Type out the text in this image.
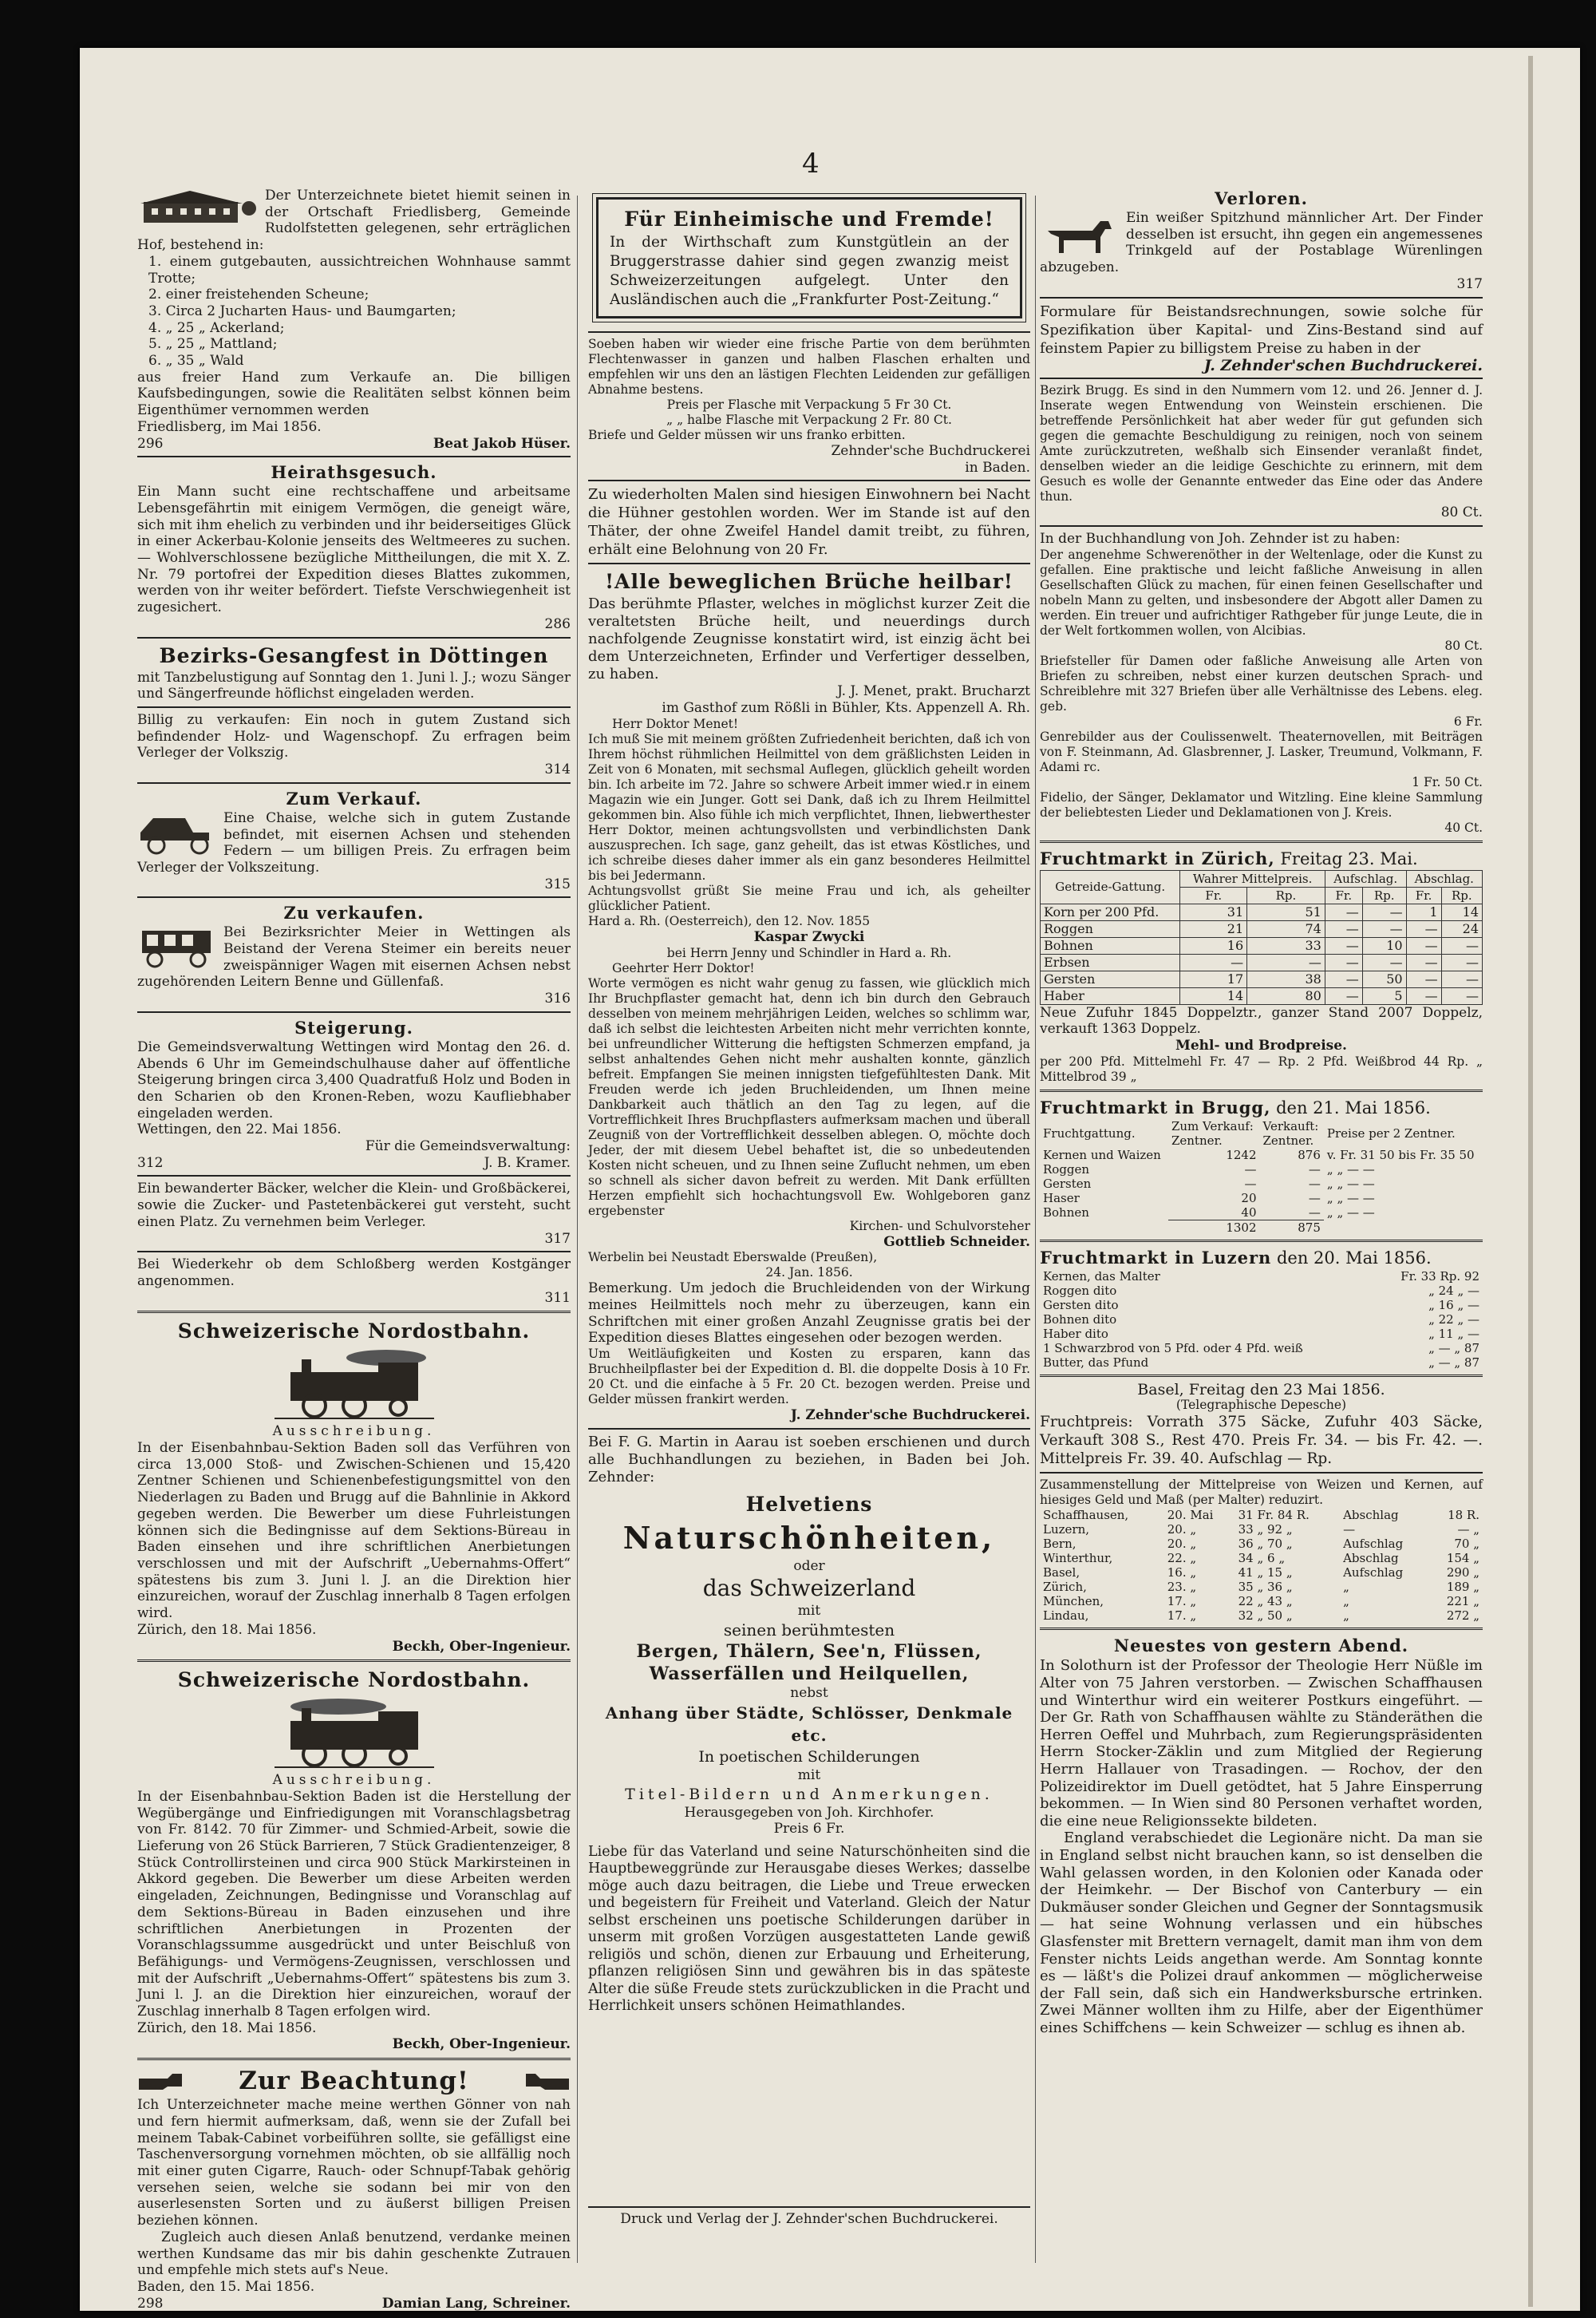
4

Der Unterzeichnete bietet hiemit seinen in der Ortschaft Friedlisberg, Gemeinde Rudolfstetten gelegenen, sehr erträglichen Hof, bestehend in:

1. einem gutgebauten, aussichtreichen Wohnhause sammt Trotte;
2. einer freistehenden Scheune;
3. Circa 2 Jucharten Haus- und Baumgarten;
4. „ 25 „ Ackerland;
5. „ 25 „ Mattland;
6. „ 35 „ Wald

aus freier Hand zum Verkaufe an. Die billigen Kaufsbedingungen, sowie die Realitäten selbst können beim Eigenthümer vernommen werden

Friedlisberg, im Mai 1856.

296	Beat Jakob Hüser.
Heirathsgesuch.

Ein Mann sucht eine rechtschaffene und arbeitsame Lebensgefährtin mit einigem Vermögen, die geneigt wäre, sich mit ihm ehelich zu verbinden und ihr beiderseitiges Glück in einer Ackerbau-Kolonie jenseits des Weltmeeres zu suchen. — Wohlverschlossene bezügliche Mittheilungen, die mit X. Z. Nr. 79 portofrei der Expedition dieses Blattes zukommen, werden von ihr weiter befördert. Tiefste Verschwiegenheit ist zugesichert.

286
Bezirks-Gesangfest in Döttingen

mit Tanzbelustigung auf Sonntag den 1. Juni l. J.; wozu Sänger und Sängerfreunde höflichst eingeladen werden.

Billig zu verkaufen: Ein noch in gutem Zustand sich befindender Holz- und Wagenschopf. Zu erfragen beim Verleger der Volkszig.

314
Zum Verkauf.

Eine Chaise, welche sich in gutem Zustande befindet, mit eisernen Achsen und stehenden Federn — um billigen Preis. Zu erfragen beim Verleger der Volkszeitung.

315
Zu verkaufen.

Bei Bezirksrichter Meier in Wettingen als Beistand der Verena Steimer ein bereits neuer zweispänniger Wagen mit eisernen Achsen nebst zugehörenden Leitern Benne und Güllenfaß.

316
Steigerung.

Die Gemeindsverwaltung Wettingen wird Montag den 26. d. Abends 6 Uhr im Gemeindschulhause daher auf öffentliche Steigerung bringen circa 3,400 Quadratfuß Holz und Boden in den Scharien ob den Kronen-Reben, wozu Kaufliebhaber eingeladen werden.

Wettingen, den 22. Mai 1856.

Für die Gemeindsverwaltung:
312	J. B. Kramer.

Ein bewanderter Bäcker, welcher die Klein- und Großbäckerei, sowie die Zucker- und Pastetenbäckerei gut versteht, sucht einen Platz. Zu vernehmen beim Verleger.

317

Bei Wiederkehr ob dem Schloßberg werden Kostgänger angenommen.

311
Schweizerische Nordostbahn.
Ausschreibung.

In der Eisenbahnbau-Sektion Baden soll das Verführen von circa 13,000 Stoß- und Zwischen-Schienen und 15,420 Zentner Schienen und Schienenbefestigungsmittel von den Niederlagen zu Baden und Brugg auf die Bahnlinie in Akkord gegeben werden. Die Bewerber um diese Fuhrleistungen können sich die Bedingnisse auf dem Sektions-Büreau in Baden einsehen und ihre schriftlichen Anerbietungen verschlossen und mit der Aufschrift „Uebernahms-Offert“ spätestens bis zum 3. Juni l. J. an die Direktion hier einzureichen, worauf der Zuschlag innerhalb 8 Tagen erfolgen wird.

Zürich, den 18. Mai 1856.

Beckh, Ober-Ingenieur.
Schweizerische Nordostbahn.
Ausschreibung.

In der Eisenbahnbau-Sektion Baden ist die Herstellung der Wegübergänge und Einfriedigungen mit Voranschlagsbetrag von Fr. 8142. 70 für Zimmer- und Schmied-Arbeit, sowie die Lieferung von 26 Stück Barrieren, 7 Stück Gradientenzeiger, 8 Stück Controllirsteinen und circa 900 Stück Markirsteinen in Akkord gegeben. Die Bewerber um diese Arbeiten werden eingeladen, Zeichnungen, Bedingnisse und Voranschlag auf dem Sektions-Büreau in Baden einzusehen und ihre schriftlichen Anerbietungen in Prozenten der Voranschlagssumme ausgedrückt und unter Beischluß von Befähigungs- und Vermögens-Zeugnissen, verschlossen und mit der Aufschrift „Uebernahms-Offert“ spätestens bis zum 3. Juni l. J. an die Direktion hier einzureichen, worauf der Zuschlag innerhalb 8 Tagen erfolgen wird.

Zürich, den 18. Mai 1856.

Beckh, Ober-Ingenieur.
Zur Beachtung!

Ich Unterzeichneter mache meine werthen Gönner von nah und fern hiermit aufmerksam, daß, wenn sie der Zufall bei meinem Tabak-Cabinet vorbeiführen sollte, sie gefälligst eine Taschenversorgung vornehmen möchten, ob sie allfällig noch mit einer guten Cigarre, Rauch- oder Schnupf-Tabak gehörig versehen seien, welche sie sodann bei mir von den auserlesensten Sorten und zu äußerst billigen Preisen beziehen können.

Zugleich auch diesen Anlaß benutzend, verdanke meinen werthen Kundsame das mir bis dahin geschenkte Zutrauen und empfehle mich stets auf's Neue.

Baden, den 15. Mai 1856.

298	Damian Lang, Schreiner.
Für Einheimische und Fremde!

In der Wirthschaft zum Kunstgütlein an der Bruggerstrasse dahier sind gegen zwanzig meist Schweizerzeitungen aufgelegt. Unter den Ausländischen auch die „Frankfurter Post-Zeitung.“

Soeben haben wir wieder eine frische Partie von dem berühmten Flechtenwasser in ganzen und halben Flaschen erhalten und empfehlen wir uns den an lästigen Flechten Leidenden zur gefälligen Abnahme bestens.

Preis per Flasche mit Verpackung 5 Fr 30 Ct.

„ „ halbe Flasche mit Verpackung 2 Fr. 80 Ct.

Briefe und Gelder müssen wir uns franko erbitten.

Zehnder'sche Buchdruckerei
in Baden.

Zu wiederholten Malen sind hiesigen Einwohnern bei Nacht die Hühner gestohlen worden. Wer im Stande ist auf den Thäter, der ohne Zweifel Handel damit treibt, zu führen, erhält eine Belohnung von 20 Fr.

!Alle beweglichen Brüche heilbar!

Das berühmte Pflaster, welches in möglichst kurzer Zeit die veraltetsten Brüche heilt, und neuerdings durch nachfolgende Zeugnisse konstatirt wird, ist einzig ächt bei dem Unterzeichneten, Erfinder und Verfertiger desselben, zu haben.

J. J. Menet, prakt. Brucharzt
im Gasthof zum Rößli in Bühler, Kts. Appenzell A. Rh.
Herr Doktor Menet!

Ich muß Sie mit meinem größten Zufriedenheit berichten, daß ich von Ihrem höchst rühmlichen Heilmittel von dem gräßlichsten Leiden in Zeit von 6 Monaten, mit sechsmal Auflegen, glücklich geheilt worden bin. Ich arbeite im 72. Jahre so schwere Arbeit immer wied.r in einem Magazin wie ein Junger. Gott sei Dank, daß ich zu Ihrem Heilmittel gekommen bin. Also fühle ich mich verpflichtet, Ihnen, liebwerthester Herr Doktor, meinen achtungsvollsten und verbindlichsten Dank auszusprechen. Ich sage, ganz geheilt, das ist etwas Köstliches, und ich schreibe dieses daher immer als ein ganz besonderes Heilmittel bis bei Jedermann.

Achtungsvollst grüßt Sie meine Frau und ich, als geheilter glücklicher Patient.

Hard a. Rh. (Oesterreich), den 12. Nov. 1855
Kaspar Zwycki
bei Herrn Jenny und Schindler in Hard a. Rh.
Geehrter Herr Doktor!

Worte vermögen es nicht wahr genug zu fassen, wie glücklich mich Ihr Bruchpflaster gemacht hat, denn ich bin durch den Gebrauch desselben von meinem mehrjährigen Leiden, welches so schlimm war, daß ich selbst die leichtesten Arbeiten nicht mehr verrichten konnte, bei unfreundlicher Witterung die heftigsten Schmerzen empfand, ja selbst anhaltendes Gehen nicht mehr aushalten konnte, gänzlich befreit. Empfangen Sie meinen innigsten tiefgefühltesten Dank. Mit Freuden werde ich jeden Bruchleidenden, um Ihnen meine Dankbarkeit auch thätlich an den Tag zu legen, auf die Vortrefflichkeit Ihres Bruchpflasters aufmerksam machen und überall Zeugniß von der Vortrefflichkeit desselben ablegen. O, möchte doch Jeder, der mit diesem Uebel behaftet ist, die so unbedeutenden Kosten nicht scheuen, und zu Ihnen seine Zuflucht nehmen, um eben so schnell als sicher davon befreit zu werden. Mit Dank erfüllten Herzen empfiehlt sich hochachtungsvoll Ew. Wohlgeboren ganz ergebenster

Kirchen- und Schulvorsteher
Gottlieb Schneider.
Werbelin bei Neustadt Eberswalde (Preußen),
24. Jan. 1856.

Bemerkung. Um jedoch die Bruchleidenden von der Wirkung meines Heilmittels noch mehr zu überzeugen, kann ein Schriftchen mit einer großen Anzahl Zeugnisse gratis bei der Expedition dieses Blattes eingesehen oder bezogen werden.

Um Weitläufigkeiten und Kosten zu ersparen, kann das Bruchheilpflaster bei der Expedition d. Bl. die doppelte Dosis à 10 Fr. 20 Ct. und die einfache à 5 Fr. 20 Ct. bezogen werden. Preise und Gelder müssen frankirt werden.

J. Zehnder'sche Buchdruckerei.

Bei F. G. Martin in Aarau ist soeben erschienen und durch alle Buchhandlungen zu beziehen, in Baden bei Joh. Zehnder:

Helvetiens
Naturschönheiten,
oder
das Schweizerland
mit
seinen berühmtesten
Bergen, Thälern, See'n, Flüssen, Wasserfällen und Heilquellen,
nebst
Anhang über Städte, Schlösser, Denkmale etc.
In poetischen Schilderungen
mit
Titel-Bildern und Anmerkungen.
Herausgegeben von Joh. Kirchhofer.
Preis 6 Fr.

Liebe für das Vaterland und seine Naturschönheiten sind die Hauptbeweggründe zur Herausgabe dieses Werkes; dasselbe möge auch dazu beitragen, die Liebe und Treue erwecken und begeistern für Freiheit und Vaterland. Gleich der Natur selbst erscheinen uns poetische Schilderungen darüber in unserm mit großen Vorzügen ausgestatteten Lande gewiß religiös und schön, dienen zur Erbauung und Erheiterung, pflanzen religiösen Sinn und gewähren bis in das späteste Alter die süße Freude stets zurückzublicken in die Pracht und Herrlichkeit unsers schönen Heimathlandes.

Verloren.

Ein weißer Spitzhund männlicher Art. Der Finder desselben ist ersucht, ihn gegen ein angemessenes Trinkgeld auf der Postablage Würenlingen abzugeben.

317

Formulare für Beistandsrechnungen, sowie solche für Spezifikation über Kapital- und Zins-Bestand sind auf feinstem Papier zu billigstem Preise zu haben in der

J. Zehnder'schen Buchdruckerei.

Bezirk Brugg. Es sind in den Nummern vom 12. und 26. Jenner d. J. Inserate wegen Entwendung von Weinstein erschienen. Die betreffende Persönlichkeit hat aber weder für gut gefunden sich gegen die gemachte Beschuldigung zu reinigen, noch von seinem Amte zurückzutreten, weßhalb sich Einsender veranlaßt findet, denselben wieder an die leidige Geschichte zu erinnern, mit dem Gesuch es wolle der Genannte entweder das Eine oder das Andere thun.

80 Ct.

In der Buchhandlung von Joh. Zehnder ist zu haben:

Der angenehme Schwerenöther in der Weltenlage, oder die Kunst zu gefallen. Eine praktische und leicht faßliche Anweisung in allen Gesellschaften Glück zu machen, für einen feinen Gesellschafter und nobeln Mann zu gelten, und insbesondere der Abgott aller Damen zu werden. Ein treuer und aufrichtiger Rathgeber für junge Leute, die in der Welt fortkommen wollen, von Alcibias.

80 Ct.

Briefsteller für Damen oder faßliche Anweisung alle Arten von Briefen zu schreiben, nebst einer kurzen deutschen Sprach- und Schreiblehre mit 327 Briefen über alle Verhältnisse des Lebens. eleg. geb.

6 Fr.

Genrebilder aus der Coulissenwelt. Theaternovellen, mit Beiträgen von F. Steinmann, Ad. Glasbrenner, J. Lasker, Treumund, Volkmann, F. Adami rc.

1 Fr. 50 Ct.

Fidelio, der Sänger, Deklamator und Witzling. Eine kleine Sammlung der beliebtesten Lieder und Deklamationen von J. Kreis.

40 Ct.
Fruchtmarkt in Zürich, Freitag 23. Mai.
Getreide-Gattung.	Wahrer Mittelpreis.		Aufschlag.		Abschlag.	
	Fr.	Rp.	Fr.	Rp.	Fr.	Rp.
Korn per 200 Pfd.	31	51	—	—	1	14
Roggen	21	74	—	—	—	24
Bohnen	16	33	—	10	—	—
Erbsen	—	—	—	—	—	—
Gersten	17	38	—	50	—	—
Haber	14	80	—	5	—	—

Neue Zufuhr 1845 Doppelztr., ganzer Stand 2007 Doppelz, verkauft 1363 Doppelz.

Mehl- und Brodpreise.
per 200 Pfd. Mittelmehl Fr. 47 — Rp. 2 Pfd. Weißbrod 44 Rp. „ Mittelbrod 39 „
Fruchtmarkt in Brugg, den 21. Mai 1856.
Fruchtgattung.	Zum Verkauf:
Zentner.	Verkauft:
Zentner.	Preise per 2 Zentner.
Kernen und Waizen	1242	876	v. Fr. 31 50 bis Fr. 35 50
Roggen	—	—	„ „ — —
Gersten	—	—	„ „ — —
Haser	20	—	„ „ — —
Bohnen	40	—	„ „ — —
	1302	875	
Fruchtmarkt in Luzern den 20. Mai 1856.
Kernen, das Malter	Fr. 33 Rp. 92
Roggen dito	„ 24 „ —
Gersten dito	„ 16 „ —
Bohnen dito	„ 22 „ —
Haber dito	„ 11 „ —
1 Schwarzbrod von 5 Pfd. oder 4 Pfd. weiß	„ — „ 87
Butter, das Pfund	„ — „ 87
Basel, Freitag den 23 Mai 1856.
(Telegraphische Depesche)

Fruchtpreis: Vorrath 375 Säcke, Zufuhr 403 Säcke, Verkauft 308 S., Rest 470. Preis Fr. 34. — bis Fr. 42. —. Mittelpreis Fr. 39. 40. Aufschlag — Rp.

Zusammenstellung der Mittelpreise von Weizen und Kernen, auf hiesiges Geld und Maß (per Malter) reduzirt.

Schaffhausen,	20. Mai	31 Fr. 84 R.	Abschlag	18 R.
Luzern,	20. „	33 „ 92 „	—	— „
Bern,	20. „	36 „ 70 „	Aufschlag	70 „
Winterthur,	22. „	34 „ 6 „	Abschlag	154 „
Basel,	16. „	41 „ 15 „	Aufschlag	290 „
Zürich,	23. „	35 „ 36 „	„	189 „
München,	17. „	22 „ 43 „	„	221 „
Lindau,	17. „	32 „ 50 „	„	272 „
Neuestes von gestern Abend.

In Solothurn ist der Professor der Theologie Herr Nüßle im Alter von 75 Jahren verstorben. — Zwischen Schaffhausen und Winterthur wird ein weiterer Postkurs eingeführt. — Der Gr. Rath von Schaffhausen wählte zu Ständeräthen die Herren Oeffel und Muhrbach, zum Regierungspräsidenten Herrn Stocker-Zäklin und zum Mitglied der Regierung Herrn Hallauer von Trasadingen. — Rochov, der den Polizeidirektor im Duell getödtet, hat 5 Jahre Einsperrung bekommen. — In Wien sind 80 Personen verhaftet worden, die eine neue Religionssekte bildeten.

England verabschiedet die Legionäre nicht. Da man sie in England selbst nicht brauchen kann, so ist denselben die Wahl gelassen worden, in den Kolonien oder Kanada oder der Heimkehr. — Der Bischof von Canterbury — ein Dukmäuser sonder Gleichen und Gegner der Sonntagsmusik — hat seine Wohnung verlassen und ein hübsches Glasfenster mit Brettern vernagelt, damit man ihm von dem Fenster nichts Leids angethan werde. Am Sonntag konnte es — läßt's die Polizei drauf ankommen — möglicherweise der Fall sein, daß sich ein Handwerksbursche ertrinken. Zwei Männer wollten ihm zu Hilfe, aber der Eigenthümer eines Schiffchens — kein Schweizer — schlug es ihnen ab.

Druck und Verlag der J. Zehnder'schen Buchdruckerei.
